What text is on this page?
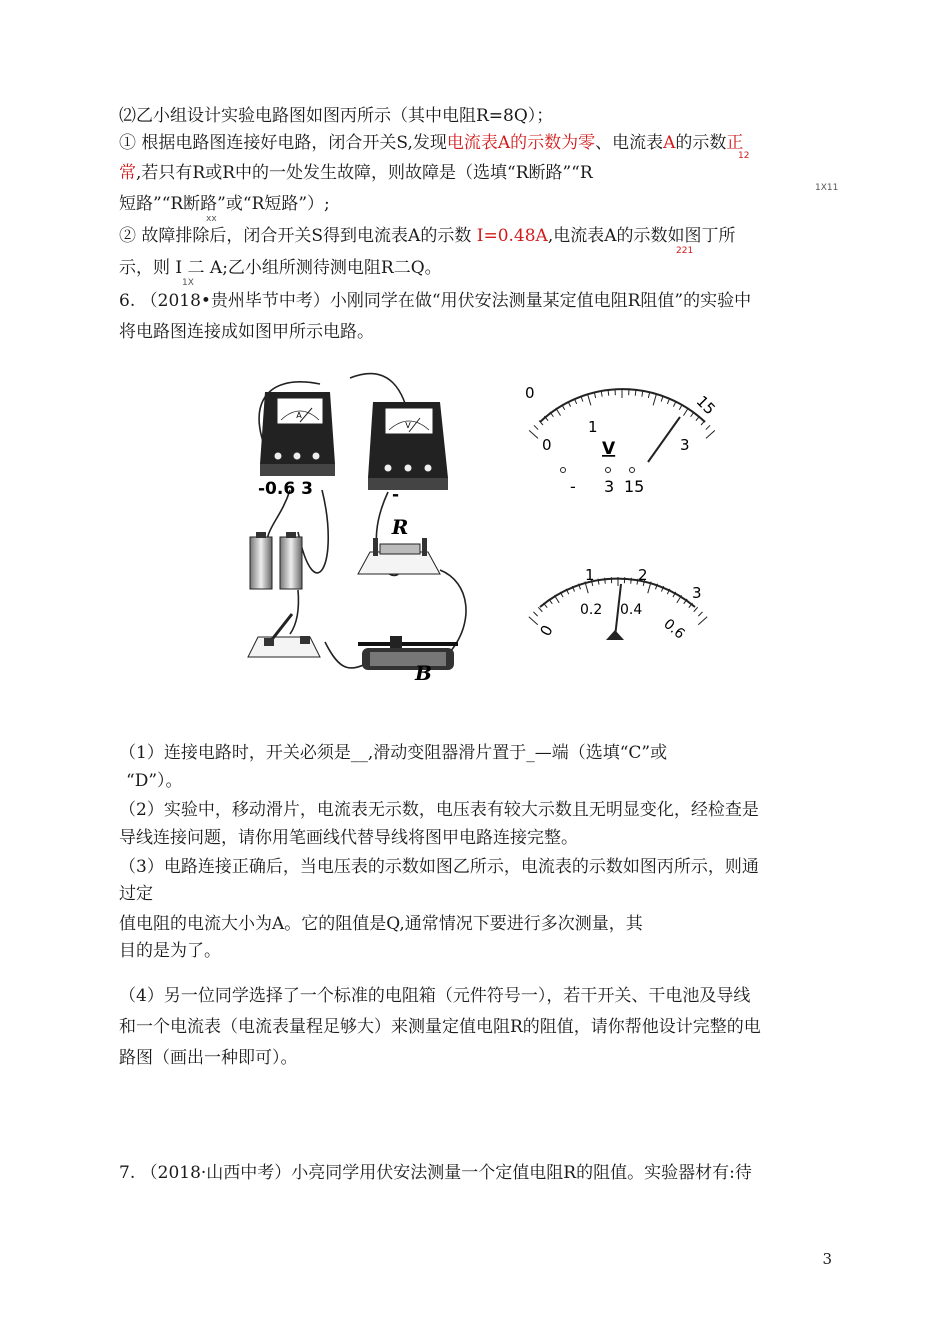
⑵乙小组设计实验电路图如图丙所示（其中电阻R=8Q）；
① 根据电路图连接好电路，闭合开关S,发现电流表A的示数为零、电流表A的示数正
12
常,若只有R或R中的一处发生故障，则故障是（选填“R断路”“R
1X11
短路”“R断路”或“R短路”）;
xx
② 故障排除后，闭合开关S得到电流表A的示数 I=0.48A,电流表A的示数如图丁所
221
示，则 I 二 A;乙小组所测待测电阻R二Q。
1X
6. （2018•贵州毕节中考）小刚同学在做“用伏安法测量某定值电阻R阻值”的实验中
将电路图连接成如图甲所示电路。
A
-0.6 3
V
-
R
B
0
1
15
0	3
V
- 3 15
1	2
3
0
0.2 0.4
0.6
（1）连接电路时，开关必须是__,滑动变阻器滑片置于_—端（选填“C”或
“D”）。
（2）实验中，移动滑片，电流表无示数，电压表有较大示数且无明显变化，经检查是
导线连接问题，请你用笔画线代替导线将图甲电路连接完整。
（3）电路连接正确后，当电压表的示数如图乙所示，电流表的示数如图丙所示，则通
过定
值电阻的电流大小为A。它的阻值是Q,通常情况下要进行多次测量，其
目的是为了。
（4）另一位同学选择了一个标准的电阻箱（元件符号一），若干开关、干电池及导线
和一个电流表（电流表量程足够大）来测量定值电阻R的阻值，请你帮他设计完整的电
路图（画出一种即可）。
7. （2018·山西中考）小亮同学用伏安法测量一个定值电阻R的阻值。实验器材有:待
3
